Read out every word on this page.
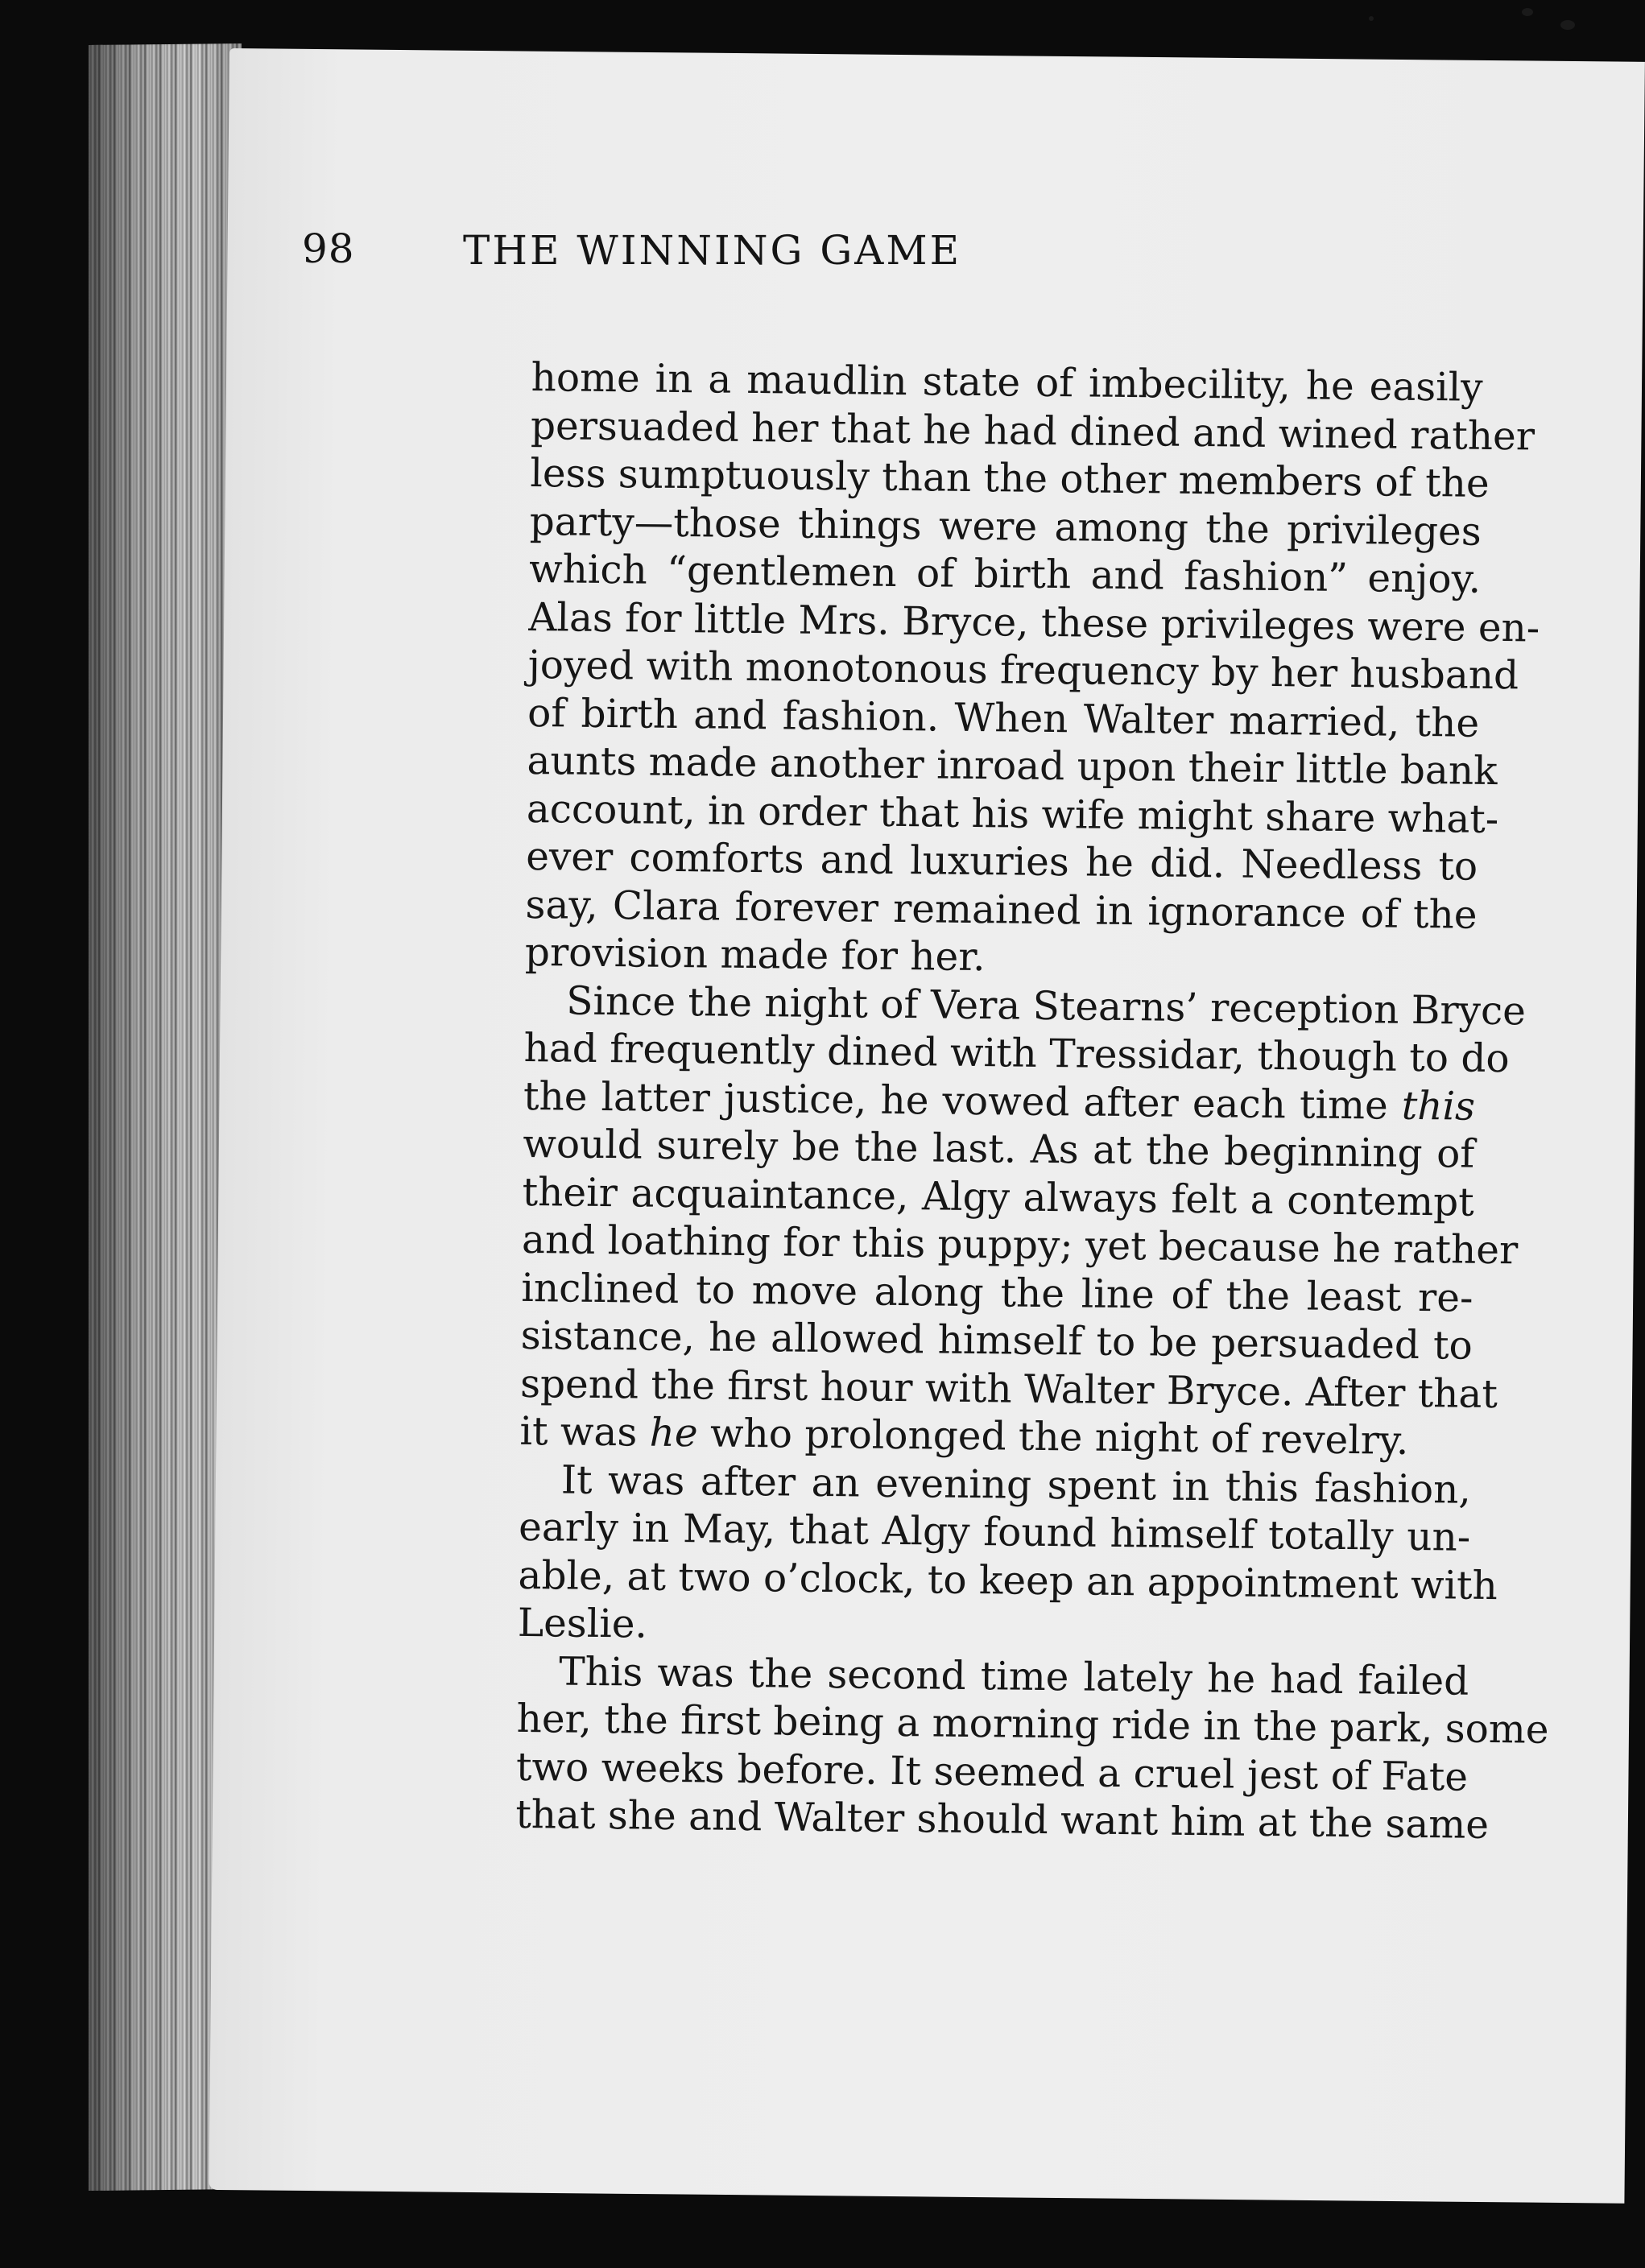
98	THE WINNING GAME
home in a maudlin state of imbecility, he easily
persuaded her that he had dined and wined rather
less sumptuously than the other members of the
party—those things were among the privileges
which “gentlemen of birth and fashion” enjoy.
Alas for little Mrs. Bryce, these privileges were en-
joyed with monotonous frequency by her husband
of birth and fashion. When Walter married, the
aunts made another inroad upon their little bank
account, in order that his wife might share what-
ever comforts and luxuries he did. Needless to
say, Clara forever remained in ignorance of the
provision made for her.
Since the night of Vera Stearns’ reception Bryce
had frequently dined with Tressidar, though to do
the latter justice, he vowed after each time this
would surely be the last. As at the beginning of
their acquaintance, Algy always felt a contempt
and loathing for this puppy; yet because he rather
inclined to move along the line of the least re-
sistance, he allowed himself to be persuaded to
spend the first hour with Walter Bryce. After that
it was he who prolonged the night of revelry.
It was after an evening spent in this fashion,
early in May, that Algy found himself totally un-
able, at two o’clock, to keep an appointment with
Leslie.
This was the second time lately he had failed
her, the first being a morning ride in the park, some
two weeks before. It seemed a cruel jest of Fate
that she and Walter should want him at the same
